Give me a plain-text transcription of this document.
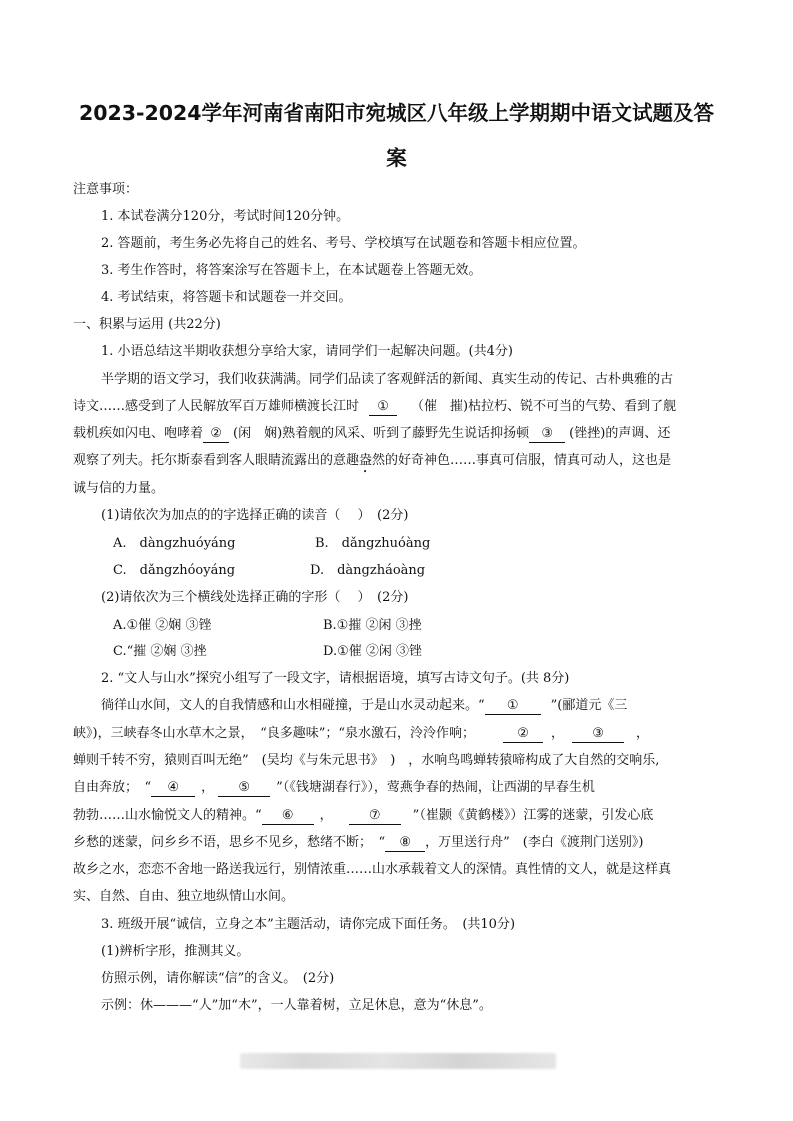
2023-2024学年河南省南阳市宛城区八年级上学期期中语文试题及答
案
注意事项：
1. 本试卷满分120分，考试时间120分钟。
2. 答题前，考生务必先将自己的姓名、考号、学校填写在试题卷和答题卡相应位置。
3. 考生作答时，将答案涂写在答题卡上，在本试题卷上答题无效。
4. 考试结束，将答题卡和试题卷一并交回。
一、积累与运用 (共22分)
1. 小语总结这半期收获想分享给大家，请同学们一起解决问题。(共4分)
半学期的语文学习，我们收获满满。同学们品读了客观鲜活的新闻、真实生动的传记、古朴典雅的古
诗文……感受到了人民解放军百万雄师横渡长江时 ① （催　摧)枯拉朽、锐不可当的气势、看到了舰
载机疾如闪电、咆哮着 ② (闲　娴)熟着舰的风采、听到了藤野先生说话抑扬顿 ③ (锉挫)的声调、还
观察了列夫。托尔斯泰看到客人眼睛流露出的意趣盎然的好奇神色……事真可信服，情真可动人，这也是
诚与信的力量。
(1)请依次为加点的的字选择正确的读音（　 ）　(2分)
A.　dàngzhuóyáng	B.　dǎngzhuóàng
C.　dǎngzhóoyáng	D.　dàngzháoàng
(2)请依次为三个横线处选择正确的字形（　 ）　(2分)
A.①催 ②娴 ③锉	B.①摧 ②闲 ③挫
C.“摧 ②娴 ③挫	D.①催 ②闲 ③锉
2. “文人与山水”探究小组写了一段文字，请根据语境，填写古诗文句子。(共 8分)
徜徉山水间，文人的自我情感和山水相碰撞，于是山水灵动起来。“ ① ”(郦道元《三
峡》)，三峡春冬山水草木之景，　“良多趣味”；“泉水激石，泠泠作响；	② ， ③ ，
蝉则千转不穷，猿则百叫无绝”　(吴均《与朱元思书》　)　，水响鸟鸣蝉转猿啼构成了大自然的交响乐,
自由奔放；　“ ④ ， ⑤ ”（《钱塘湖春行》），莺燕争春的热闹，让西湖的早春生机
勃勃……山水愉悦文人的精神。“ ⑥ ，	⑦ ”（崔颢《黄鹤楼》）江雾的迷蒙，引发心底
乡愁的迷蒙，问乡乡不语，思乡不见乡，愁绪不断；　“ ⑧ ，万里送行舟”　(李白《渡荆门送别》)
故乡之水，恋恋不舍地一路送我远行，别情浓重……山水承载着文人的深情。真性情的文人，就是这样真
实、自然、自由、独立地纵情山水间。
3. 班级开展“诚信，立身之本”主题活动，请你完成下面任务。　(共10分)
(1)辨析字形，推测其义。
仿照示例，请你解读“信”的含义。　(2分)
示例：休———“人”加“木”，一人靠着树，立足休息，意为“休息”。
